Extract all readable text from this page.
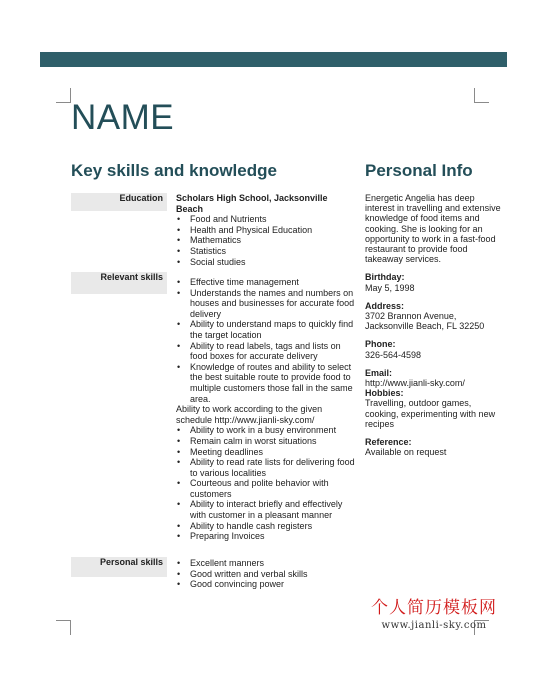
NAME
Key skills and knowledge	Personal Info
Education	Scholars High School, Jacksonville Beach
• Food and Nutrients
• Health and Physical Education
• Mathematics
• Statistics
• Social studies
Relevant skills	• Effective time management
• Understands the names and numbers on houses and businesses for accurate food delivery
• Ability to understand maps to quickly find the target location
• Ability to read labels, tags and lists on food boxes for accurate delivery
• Knowledge of routes and ability to select the best suitable route to provide food to multiple customers those fall in the same area.

Ability to work according to the given schedule http://www.jianli-sky.com/

• Ability to work in a busy environment
• Remain calm in worst situations
• Meeting deadlines
• Ability to read rate lists for delivering food to various localities
• Courteous and polite behavior with customers
• Ability to interact briefly and effectively with customer in a pleasant manner
• Ability to handle cash registers
• Preparing Invoices
Personal skills	• Excellent manners
• Good written and verbal skills
• Good convincing power
Energetic Angelia has deep interest in travelling and extensive knowledge of food items and cooking. She is looking for an opportunity to work in a fast-food restaurant to provide food takeaway services.
Birthday:
May 5, 1998
Address:
3702 Brannon Avenue,
Jacksonville Beach, FL 32250
Phone:
326-564-4598
Email:
http://www.jianli-sky.com/
Hobbies:
Travelling, outdoor games, cooking, experimenting with new recipes
Reference:
Available on request
个人简历模板网
www.jianli-sky.com
